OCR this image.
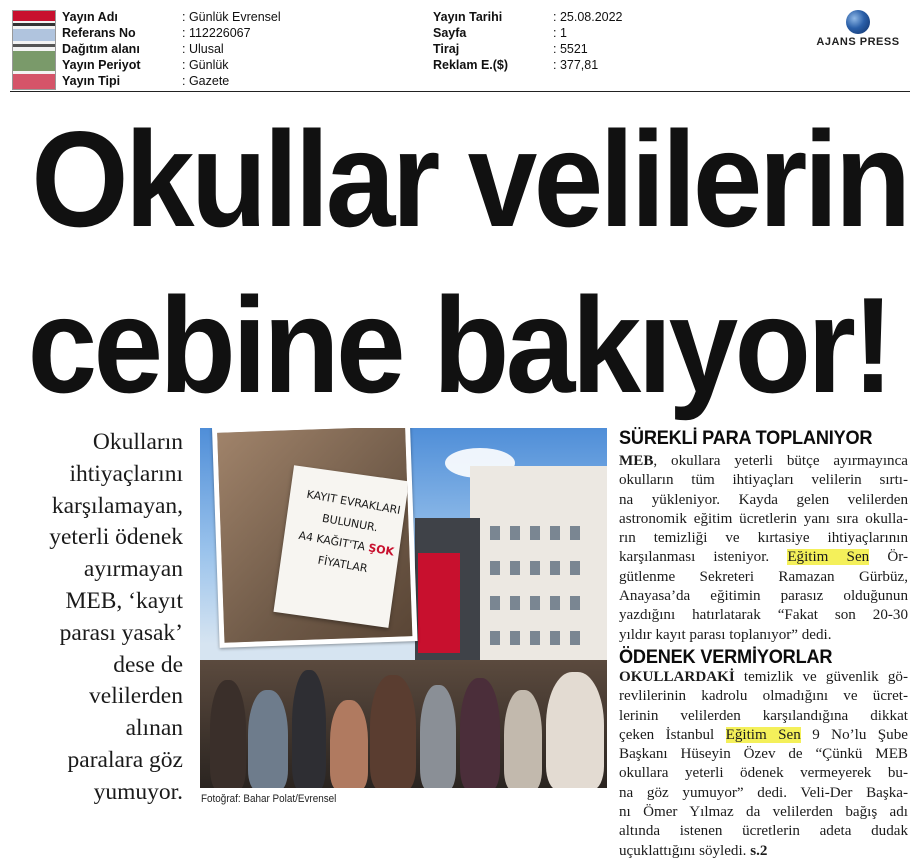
Yayın Adı	: Günlük Evrensel
Referans No	: 112226067
Dağıtım alanı	: Ulusal
Yayın Periyot	: Günlük
Yayın Tipi	: Gazete
Yayın Tarihi	: 25.08.2022
Sayfa	: 1
Tiraj	: 5521
Reklam E.($)	: 377,81
AJANS PRESS
Okullar velilerin
cebine bakıyor!
Okulların
ihtiyaçlarını
karşılamayan,
yeterli ödenek
ayırmayan
MEB, ‘kayıt
parası yasak’
dese de
velilerden
alınan
paralara göz
yumuyor.
KAYIT EVRAKLARI
BULUNUR.
A4 KAĞIT'TA ŞOK
FİYATLAR
Fotoğraf: Bahar Polat/Evrensel
SÜREKLİ PARA TOPLANIYOR
MEB, okullara yeterli bütçe ayırmayınca
okulların tüm ihtiyaçları velilerin sırtı-
na yükleniyor. Kayda gelen velilerden
astronomik eğitim ücretlerin yanı sıra okulla-
rın temizliği ve kırtasiye ihtiyaçlarının
karşılanması isteniyor. Eğitim Sen Ör-
gütlenme Sekreteri Ramazan Gürbüz,
Anayasa’da eğitimin parasız olduğunun
yazdığını hatırlatarak “Fakat son 20-30
yıldır kayıt parası toplanıyor” dedi.
ÖDENEK VERMİYORLAR
OKULLARDAKİ temizlik ve güvenlik gö-
revlilerinin kadrolu olmadığını ve ücret-
lerinin velilerden karşılandığına dikkat
çeken İstanbul Eğitim Sen 9 No’lu Şube
Başkanı Hüseyin Özev de “Çünkü MEB
okullara yeterli ödenek vermeyerek bu-
na göz yumuyor” dedi. Veli-Der Başka-
nı Ömer Yılmaz da velilerden bağış adı
altında istenen ücretlerin adeta dudak
uçuklattığını söyledi. s.2
